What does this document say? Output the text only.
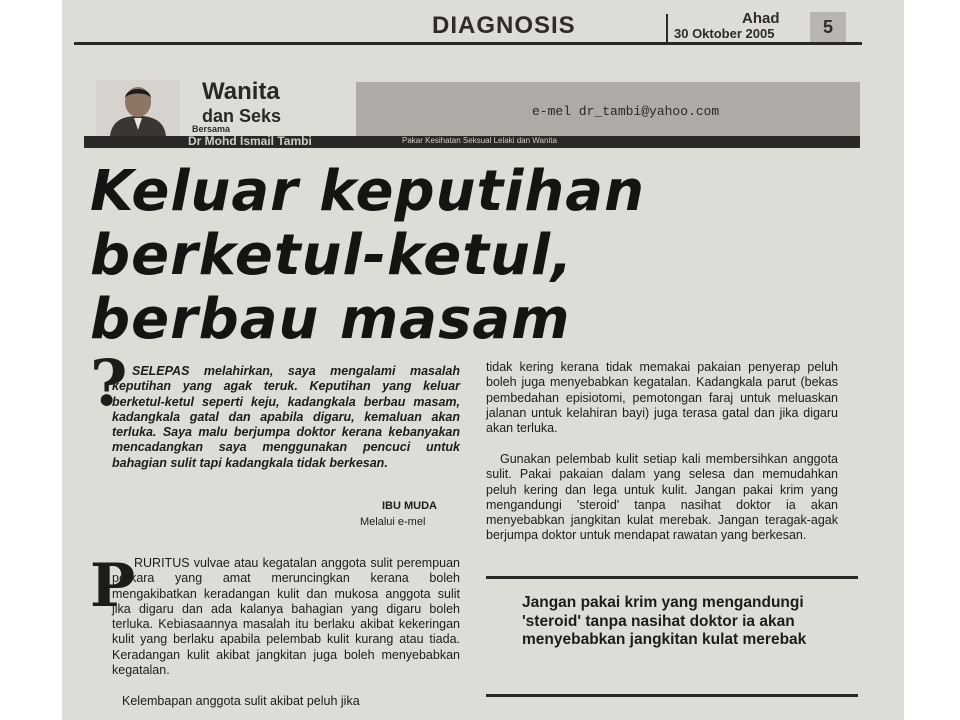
DIAGNOSIS	Ahad
30 Oktober 2005	5
Wanita
dan Seks
Bersama
e-mel dr_tambi@yahoo.com
Dr Mohd Ismail Tambi	Pakar Kesihatan Seksual Lelaki dan Wanita
Keluar keputihan
berketul-ketul,
berbau masam
? SELEPAS melahirkan, saya mengalami masalah keputihan yang agak teruk. Keputihan yang keluar berketul-ketul seperti keju, kadangkala berbau masam, kadangkala gatal dan apabila digaru, kemaluan akan terluka. Saya malu berjumpa doktor kerana kebanyakan mencadangkan saya menggunakan pencuci untuk bahagian sulit tapi kadangkala tidak berkesan.

IBU MUDA
Melalui e-mel
P

RURITUS vulvae atau kegatalan anggota sulit perempuan perkara yang amat meruncingkan kerana boleh mengakibatkan keradangan kulit dan mukosa anggota sulit jika digaru dan ada kalanya bahagian yang digaru boleh terluka. Kebiasaannya masalah itu berlaku akibat kekeringan kulit yang berlaku apabila pelembab kulit kurang atau tiada. Keradangan kulit akibat jangkitan juga boleh menyebabkan kegatalan.

Kelembapan anggota sulit akibat peluh jika

tidak kering kerana tidak memakai pakaian penyerap peluh boleh juga menyebabkan kegatalan. Kadangkala parut (bekas pembedahan episiotomi, pemotongan faraj untuk meluaskan jalanan untuk kelahiran bayi) juga terasa gatal dan jika digaru akan terluka.

Gunakan pelembab kulit setiap kali membersihkan anggota sulit. Pakai pakaian dalam yang selesa dan memudahkan peluh kering dan lega untuk kulit. Jangan pakai krim yang mengandungi 'steroid' tanpa nasihat doktor ia akan menyebabkan jangkitan kulat merebak. Jangan teragak-agak berjumpa doktor untuk mendapat rawatan yang berkesan.

Jangan pakai krim yang mengandungi 'steroid' tanpa nasihat doktor ia akan menyebabkan jangkitan kulat merebak
